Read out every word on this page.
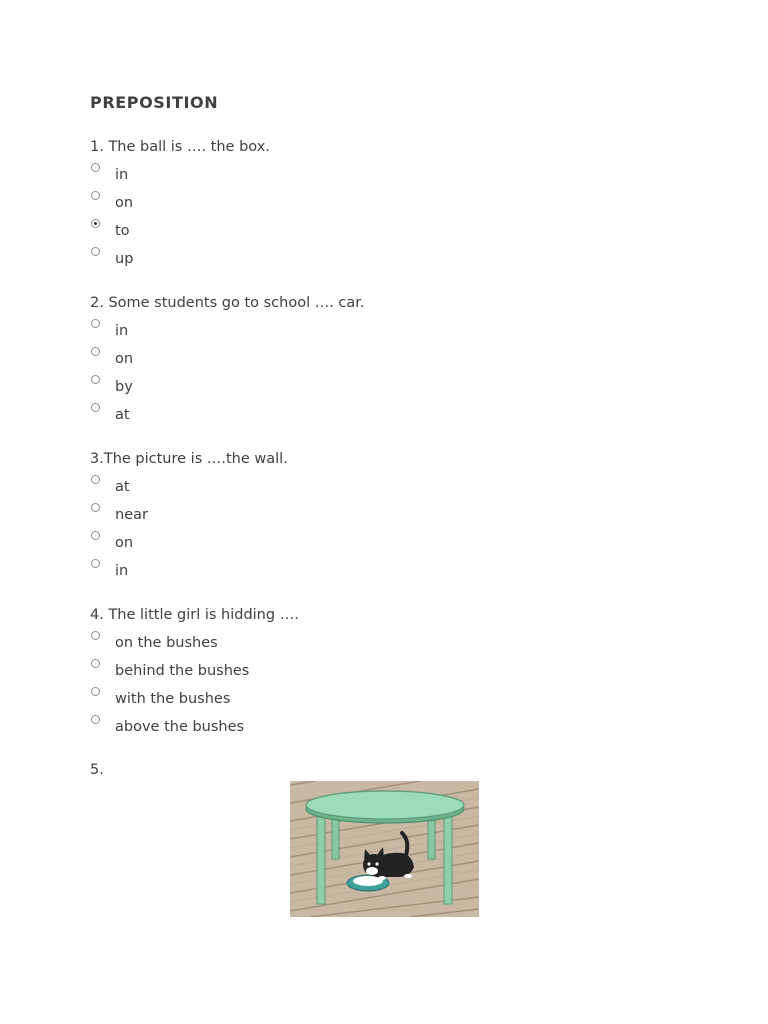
PREPOSITION
1. The ball is …. the box.
in
on
to
up
2. Some students go to school …. car.
in
on
by
at
3.The picture is ….the wall.
at
near
on
in
4. The little girl is hidding ….
on the bushes
behind the bushes
with the bushes
above the bushes
5.
